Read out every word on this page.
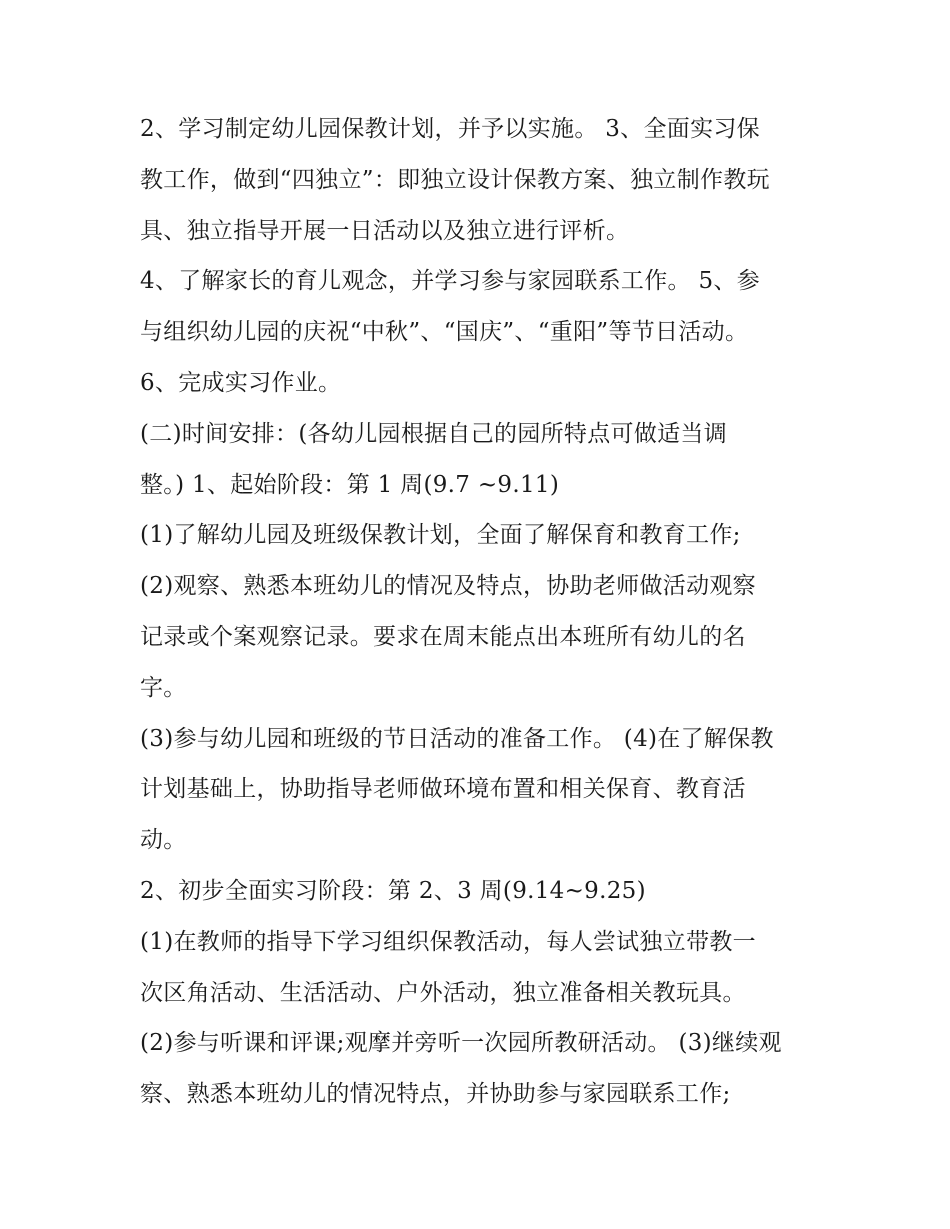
2、学习制定幼儿园保教计划，并予以实施。 3、全面实习保
教工作，做到“四独立”：即独立设计保教方案、独立制作教玩
具、独立指导开展一日活动以及独立进行评析。
4、了解家长的育儿观念，并学习参与家园联系工作。 5、参
与组织幼儿园的庆祝“中秋”、“国庆”、“重阳”等节日活动。
6、完成实习作业。
(二)时间安排：(各幼儿园根据自己的园所特点可做适当调
整。) 1、起始阶段：第 1 周(9.7 ~9.11)
(1)了解幼儿园及班级保教计划，全面了解保育和教育工作;
(2)观察、熟悉本班幼儿的情况及特点，协助老师做活动观察
记录或个案观察记录。要求在周末能点出本班所有幼儿的名
字。
(3)参与幼儿园和班级的节日活动的准备工作。 (4)在了解保教
计划基础上，协助指导老师做环境布置和相关保育、教育活
动。
2、初步全面实习阶段：第 2、3 周(9.14~9.25)
(1)在教师的指导下学习组织保教活动，每人尝试独立带教一
次区角活动、生活活动、户外活动，独立准备相关教玩具。
(2)参与听课和评课;观摩并旁听一次园所教研活动。 (3)继续观
察、熟悉本班幼儿的情况特点，并协助参与家园联系工作;
